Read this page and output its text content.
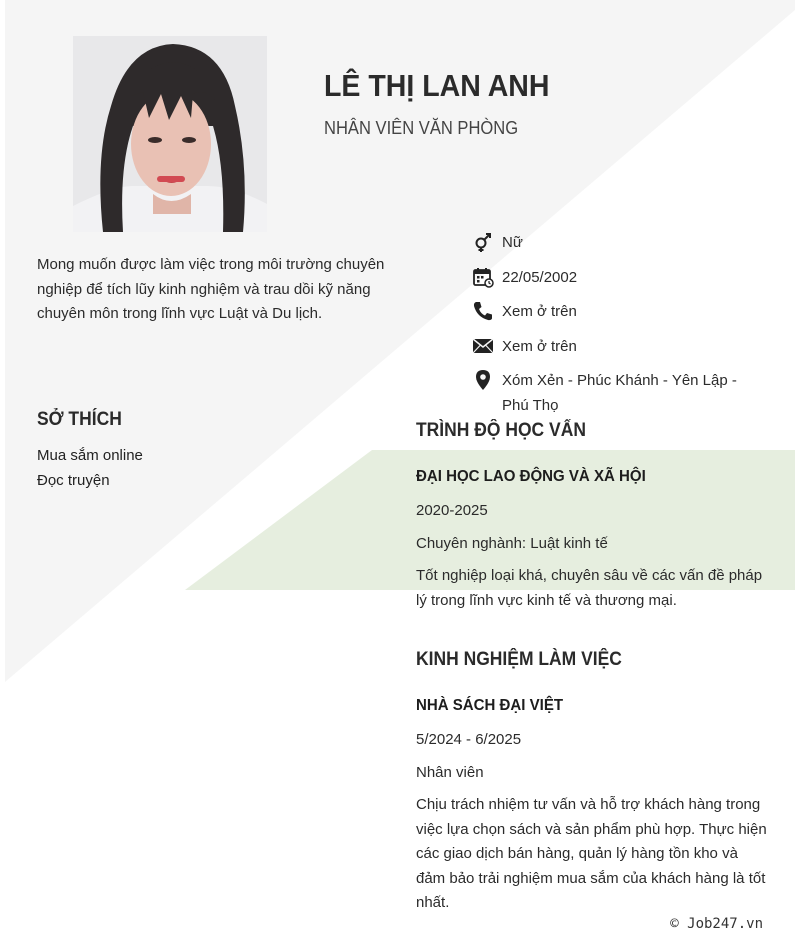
LÊ THỊ LAN ANH
NHÂN VIÊN VĂN PHÒNG
Mong muốn được làm việc trong môi trường chuyên nghiệp để tích lũy kinh nghiệm và trau dồi kỹ năng chuyên môn trong lĩnh vực Luật và Du lịch.
Nữ
22/05/2002
Xem ở trên
Xem ở trên
Xóm Xẻn - Phúc Khánh - Yên Lập - Phú Thọ
SỞ THÍCH
Mua sắm online
Đọc truyện
TRÌNH ĐỘ HỌC VẤN
ĐẠI HỌC LAO ĐỘNG VÀ XÃ HỘI
2020-2025
Chuyên nghành: Luật kinh tế
Tốt nghiệp loại khá, chuyên sâu về các vấn đề pháp lý trong lĩnh vực kinh tế và thương mại.
KINH NGHIỆM LÀM VIỆC
NHÀ SÁCH ĐẠI VIỆT
5/2024 - 6/2025
Nhân viên
Chịu trách nhiệm tư vấn và hỗ trợ khách hàng trong việc lựa chọn sách và sản phẩm phù hợp. Thực hiện các giao dịch bán hàng, quản lý hàng tồn kho và đảm bảo trải nghiệm mua sắm của khách hàng là tốt nhất.
© Job247.vn
